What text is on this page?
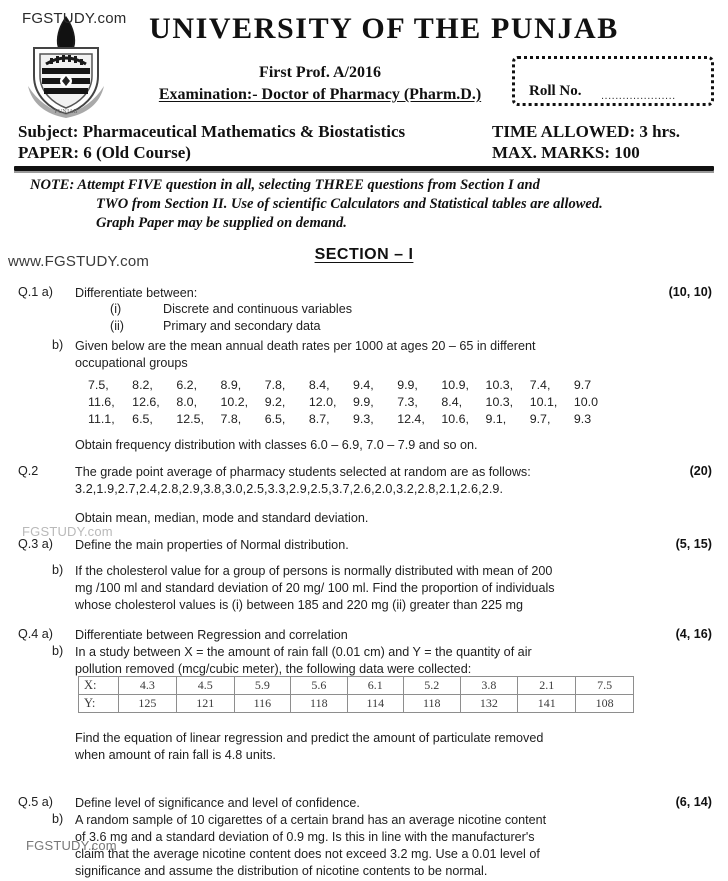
PUNJAB
FGSTUDY.com
www.FGSTUDY.com
FGSTUDY.com
FGSTUDY.com
UNIVERSITY OF THE PUNJAB
First Prof. A/2016
Examination:- Doctor of Pharmacy (Pharm.D.)	Roll No. .....................
Subject: Pharmaceutical Mathematics & Biostatistics
PAPER: 6 (Old Course)
TIME ALLOWED: 3 hrs.
MAX. MARKS: 100
NOTE: Attempt FIVE question in all, selecting THREE questions from Section I and
TWO from Section II. Use of scientific Calculators and Statistical tables are allowed.
Graph Paper may be supplied on demand.
SECTION – I
Q.1 a)	(10, 10)
Differentiate between:
(i)	Discrete and continuous variables
(ii)	Primary and secondary data
b) Given below are the mean annual death rates per 1000 at ages 20 – 65 in different
occupational groups
7.5,	8.2,	6.2,	8.9,	7.8,	8.4,	9.4,	9.9,	10.9,	10.3,	7.4,	9.7
11.6,	12.6,	8.0,	10.2,	9.2,	12.0,	9.9,	7.3,	8.4,	10.3,	10.1,	10.0
11.1,	6.5,	12.5,	7.8,	6.5,	8.7,	9.3,	12.4,	10.6,	9.1,	9.7,	9.3
Obtain frequency distribution with classes 6.0 – 6.9, 7.0 – 7.9 and so on.
Q.2	(20)
The grade point average of pharmacy students selected at random are as follows:
3.2,1.9,2.7,2.4,2.8,2.9,3.8,3.0,2.5,3.3,2.9,2.5,3.7,2.6,2.0,3.2,2.8,2.1,2.6,2.9.
Obtain mean, median, mode and standard deviation.
Q.3 a)	(5, 15)
Define the main properties of Normal distribution.
b) If the cholesterol value for a group of persons is normally distributed with mean of 200
mg /100 ml and standard deviation of 20 mg/ 100 ml. Find the proportion of individuals
whose cholesterol values is (i) between 185 and 220 mg (ii) greater than 225 mg
Q.4 a)	(4, 16)
Differentiate between Regression and correlation
b) In a study between X = the amount of rain fall (0.01 cm) and Y = the quantity of air
pollution removed (mcg/cubic meter), the following data were collected:
X:	4.3	4.5	5.9	5.6	6.1	5.2	3.8	2.1	7.5
Y:	125	121	116	118	114	118	132	141	108
Find the equation of linear regression and predict the amount of particulate removed
when amount of rain fall is 4.8 units.
Q.5 a)	(6, 14)
Define level of significance and level of confidence.
b) A random sample of 10 cigarettes of a certain brand has an average nicotine content
of 3.6 mg and a standard deviation of 0.9 mg. Is this in line with the manufacturer's
claim that the average nicotine content does not exceed 3.2 mg. Use a 0.01 level of
significance and assume the distribution of nicotine contents to be normal.
